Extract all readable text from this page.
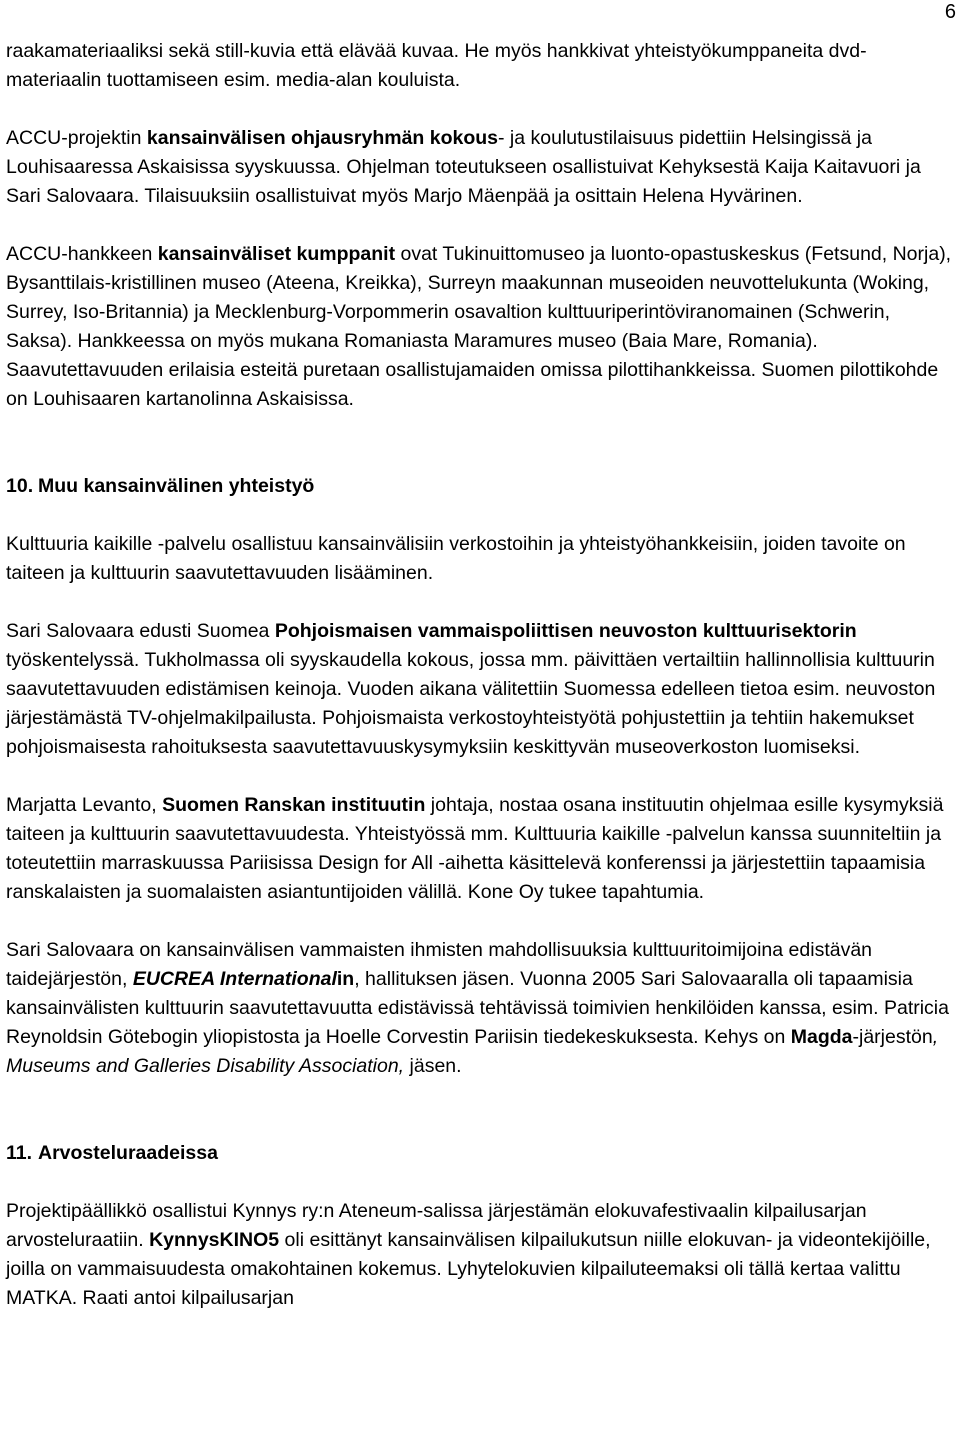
6

raakamateriaaliksi sekä still-kuvia että elävää kuvaa. He myös hankkivat yhteistyökumppaneita dvd-materiaalin tuottamiseen esim. media-alan kouluista.

ACCU-projektin kansainvälisen ohjausryhmän kokous- ja koulutustilaisuus pidettiin Helsingissä ja Louhisaaressa Askaisissa syyskuussa. Ohjelman toteutukseen osallistuivat Kehyksestä Kaija Kaitavuori ja Sari Salovaara. Tilaisuuksiin osallistuivat myös Marjo Mäenpää ja osittain Helena Hyvärinen.

ACCU-hankkeen kansainväliset kumppanit ovat Tukinuittomuseo ja luonto-opastuskeskus (Fetsund, Norja), Bysanttilais-kristillinen museo (Ateena, Kreikka), Surreyn maakunnan museoiden neuvottelukunta (Woking, Surrey, Iso-Britannia) ja Mecklenburg-Vorpommerin osavaltion kulttuuriperintöviranomainen (Schwerin, Saksa). Hankkeessa on myös mukana Romaniasta Maramures museo (Baia Mare, Romania). Saavutettavuuden erilaisia esteitä puretaan osallistujamaiden omissa pilottihankkeissa. Suomen pilottikohde on Louhisaaren kartanolinna Askaisissa.

10. Muu kansainvälinen yhteistyö

Kulttuuria kaikille -palvelu osallistuu kansainvälisiin verkostoihin ja yhteistyöhankkeisiin, joiden tavoite on taiteen ja kulttuurin saavutettavuuden lisääminen.

Sari Salovaara edusti Suomea Pohjoismaisen vammaispoliittisen neuvoston kulttuurisektorin työskentelyssä. Tukholmassa oli syyskaudella kokous, jossa mm. päivittäen vertailtiin hallinnollisia kulttuurin saavutettavuuden edistämisen keinoja. Vuoden aikana välitettiin Suomessa edelleen tietoa esim. neuvoston järjestämästä TV-ohjelmakilpailusta. Pohjoismaista verkostoyhteistyötä pohjustettiin ja tehtiin hakemukset pohjoismaisesta rahoituksesta saavutettavuuskysymyksiin keskittyvän museoverkoston luomiseksi.

Marjatta Levanto, Suomen Ranskan instituutin johtaja, nostaa osana instituutin ohjelmaa esille kysymyksiä taiteen ja kulttuurin saavutettavuudesta. Yhteistyössä mm. Kulttuuria kaikille -palvelun kanssa suunniteltiin ja toteutettiin marraskuussa Pariisissa Design for All -aihetta käsittelevä konferenssi ja järjestettiin tapaamisia ranskalaisten ja suomalaisten asiantuntijoiden välillä. Kone Oy tukee tapahtumia.

Sari Salovaara on kansainvälisen vammaisten ihmisten mahdollisuuksia kulttuuritoimijoina edistävän taidejärjestön, EUCREA Internationalin, hallituksen jäsen. Vuonna 2005 Sari Salovaaralla oli tapaamisia kansainvälisten kulttuurin saavutettavuutta edistävissä tehtävissä toimivien henkilöiden kanssa, esim. Patricia Reynoldsin Götebogin yliopistosta ja Hoelle Corvestin Pariisin tiedekeskuksesta. Kehys on Magda-järjestön, Museums and Galleries Disability Association, jäsen.

11. Arvosteluraadeissa

Projektipäällikkö osallistui Kynnys ry:n Ateneum-salissa järjestämän elokuvafestivaalin kilpailusarjan arvosteluraatiin. KynnysKINO5 oli esittänyt kansainvälisen kilpailukutsun niille elokuvan- ja videontekijöille, joilla on vammaisuudesta omakohtainen kokemus. Lyhytelokuvien kilpailuteemaksi oli tällä kertaa valittu MATKA. Raati antoi kilpailusarjan
